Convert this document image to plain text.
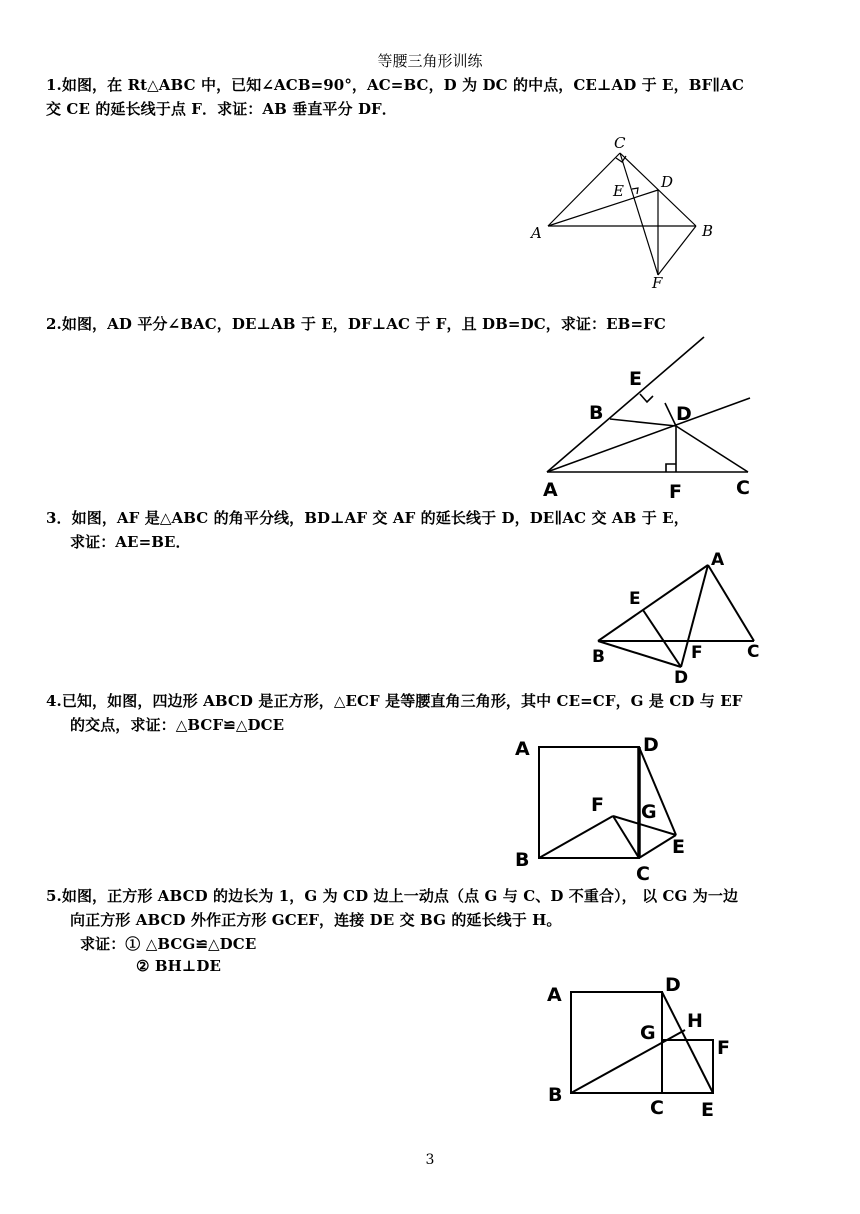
等腰三角形训练
1.如图，在 Rt△ABC 中，已知∠ACB=90°，AC=BC，D 为 DC 的中点，CE⊥AD 于 E，BF∥AC
交 CE 的延长线于点 F．求证：AB 垂直平分 DF．
C
E D
A	B
F
2.如图，AD 平分∠BAC，DE⊥AB 于 E，DF⊥AC 于 F，且 DB=DC，求证：EB=FC
E
B	D
A	F	C
3．如图，AF 是△ABC 的角平分线，BD⊥AF 交 AF 的延长线于 D，DE∥AC 交 AB 于 E，
求证：AE=BE．
A
E
B	F	C
D
4.已知，如图，四边形 ABCD 是正方形，△ECF 是等腰直角三角形，其中 CE=CF，G 是 CD 与 EF
的交点，求证：△BCF≌△DCE
A	D
F G
E
B
C
5.如图，正方形 ABCD 的边长为 1，G 为 CD 边上一动点（点 G 与 C、D 不重合）， 以 CG 为一边
向正方形 ABCD 外作正方形 GCEF，连接 DE 交 BG 的延长线于 H。
求证：① △BCG≌△DCE
② BH⊥DE
A	D
H
G
F
B
C E
3
